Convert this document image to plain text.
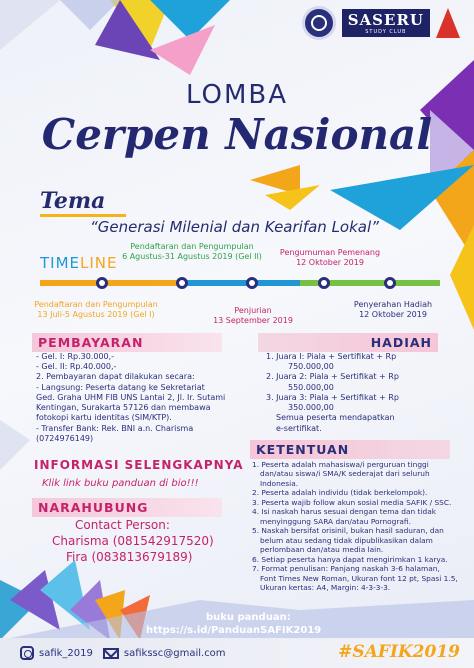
SASERU
STUDY CLUB
LOMBA
Cerpen Nasional
Tema
“Generasi Milenial dan Kearifan Lokal”
TIMELINE
Pendaftaran dan Pengumpulan
6 Agustus-31 Agustus 2019 (Gel II)	Pengumuman Pemenang
12 Oktober 2019
Pendaftaran dan Pengumpulan
13 Juli-5 Agustus 2019 (Gel I)	Penjurian
13 September 2019
Penyerahan Hadiah
12 Oktober 2019
PEMBAYARAN
- Gel. I: Rp.30.000,-
- Gel. II: Rp.40.000,-
2. Pembayaran dapat dilakukan secara:
- Langsung: Peserta datang ke Sekretariat
Ged. Graha UHM FIB UNS Lantai 2, Jl. Ir. Sutami
Kentingan, Surakarta 57126 dan membawa
fotokopi kartu identitas (SIM/KTP).
- Transfer Bank: Rek. BNI a.n. Charisma
(0724976149)
HADIAH
1. Juara I: Piala + Sertifikat + Rp
750.000,00
2. Juara 2: Piala + Sertifikat + Rp
550.000,00
3. Juara 3: Piala + Sertifikat + Rp
350.000,00
Semua peserta mendapatkan
e-sertifikat.
KETENTUAN
1. Peserta adalah mahasiswa/i perguruan tinggi
dan/atau siswa/i SMA/K sederajat dari seluruh
Indonesia.
2. Peserta adalah individu (tidak berkelompok).
3. Peserta wajib follow akun sosial media SAFIK / SSC.
4. Isi naskah harus sesuai dengan tema dan tidak
menyinggung SARA dan/atau Pornografi.
5. Naskah bersifat orisinil, bukan hasil saduran, dan
belum atau sedang tidak dipublikasikan dalam
perlombaan dan/atau media lain.
6. Setiap peserta hanya dapat mengirimkan 1 karya.
7. Format penulisan: Panjang naskah 3-6 halaman,
Font Times New Roman, Ukuran font 12 pt, Spasi 1.5,
Ukuran kertas: A4, Margin: 4-3-3-3.
INFORMASI SELENGKAPNYA
Klik link buku panduan di bio!!!
NARAHUBUNG
Contact Person:
Charisma (081542917520)
Fira (083813679189)
buku panduan:
https://s.id/PanduanSAFIK2019
safik_2019	safikssc@gmail.com	#SAFIK2019
